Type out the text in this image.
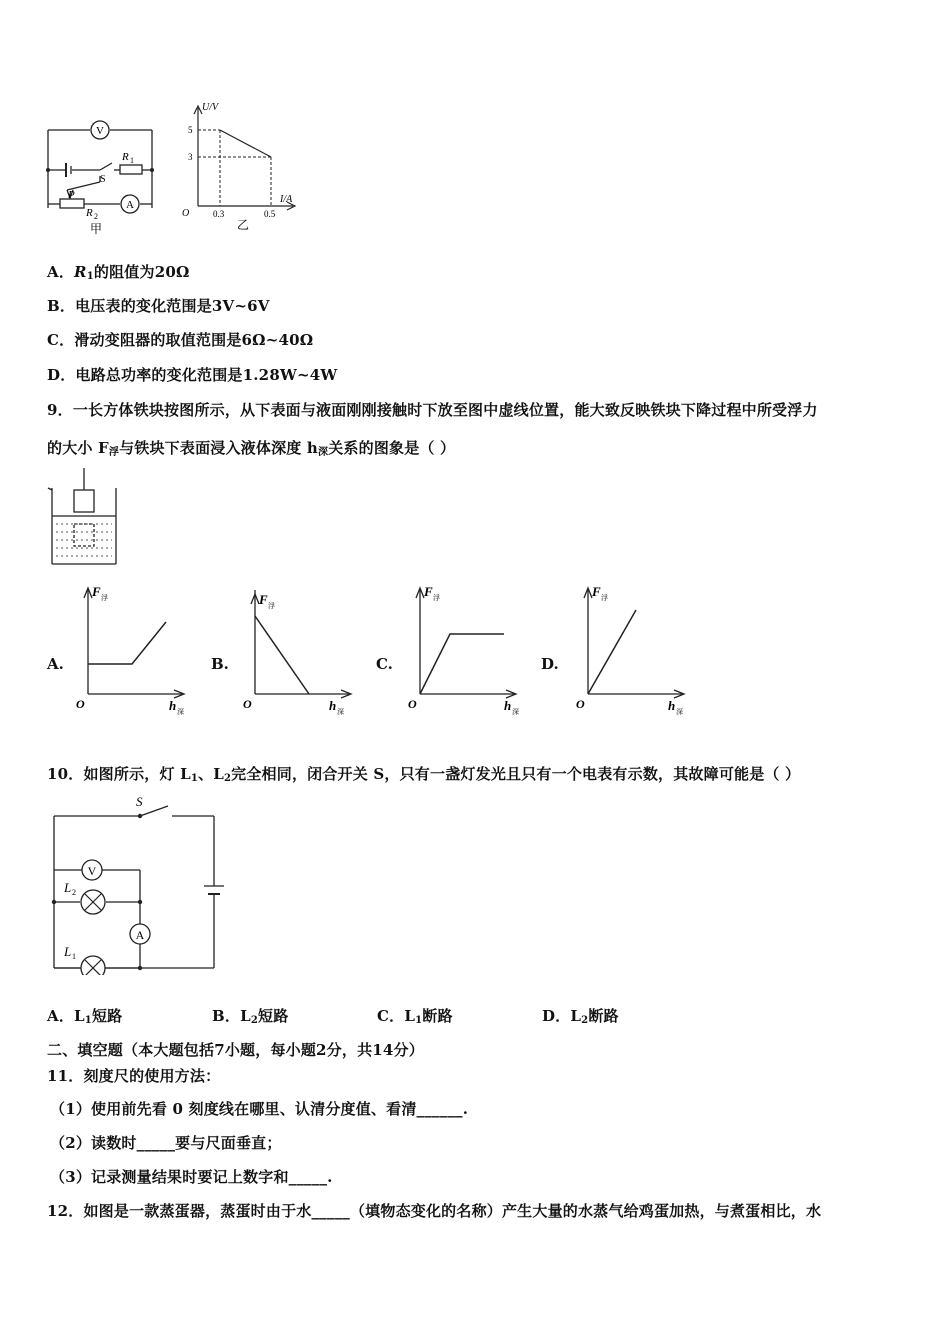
V
A
S
R 1
R 2
P
甲
U/V
I/A
O
5
3
0.3	0.5
乙
A．$R_1$的阻值为20Ω
B．电压表的变化范围是3V~6V
C．滑动变阻器的取值范围是6Ω~40Ω
D．电路总功率的变化范围是1.28W~4W
9．一长方体铁块按图所示，从下表面与液面刚刚接触时下放至图中虚线位置，能大致反映铁块下降过程中所受浮力
的大小 $F_浮$与铁块下表面浸入液体深度 $h_深$关系的图象是（ ）
A.
F 浮
h 深
O
B.
F 浮
h 深
O
C.
F 浮
h 深
O
D.
F 浮
h 深
O
10．如图所示，灯 $L_1$、$L_2$完全相同，闭合开关 S，只有一盏灯发光且只有一个电表有示数，其故障可能是（ ）
V
A
S
L 2
L 1
A．$L_1$短路	B．$L_2$短路	C．$L_1$断路	D．$L_2$断路
二、填空题（本大题包括7小题，每小题2分，共14分）
11．刻度尺的使用方法：
（1）使用前先看 0 刻度线在哪里、认清分度值、看清______.
（2）读数时_____要与尺面垂直；
（3）记录测量结果时要记上数字和_____.
12．如图是一款蒸蛋器，蒸蛋时由于水_____（填物态变化的名称）产生大量的水蒸气给鸡蛋加热，与煮蛋相比，水
